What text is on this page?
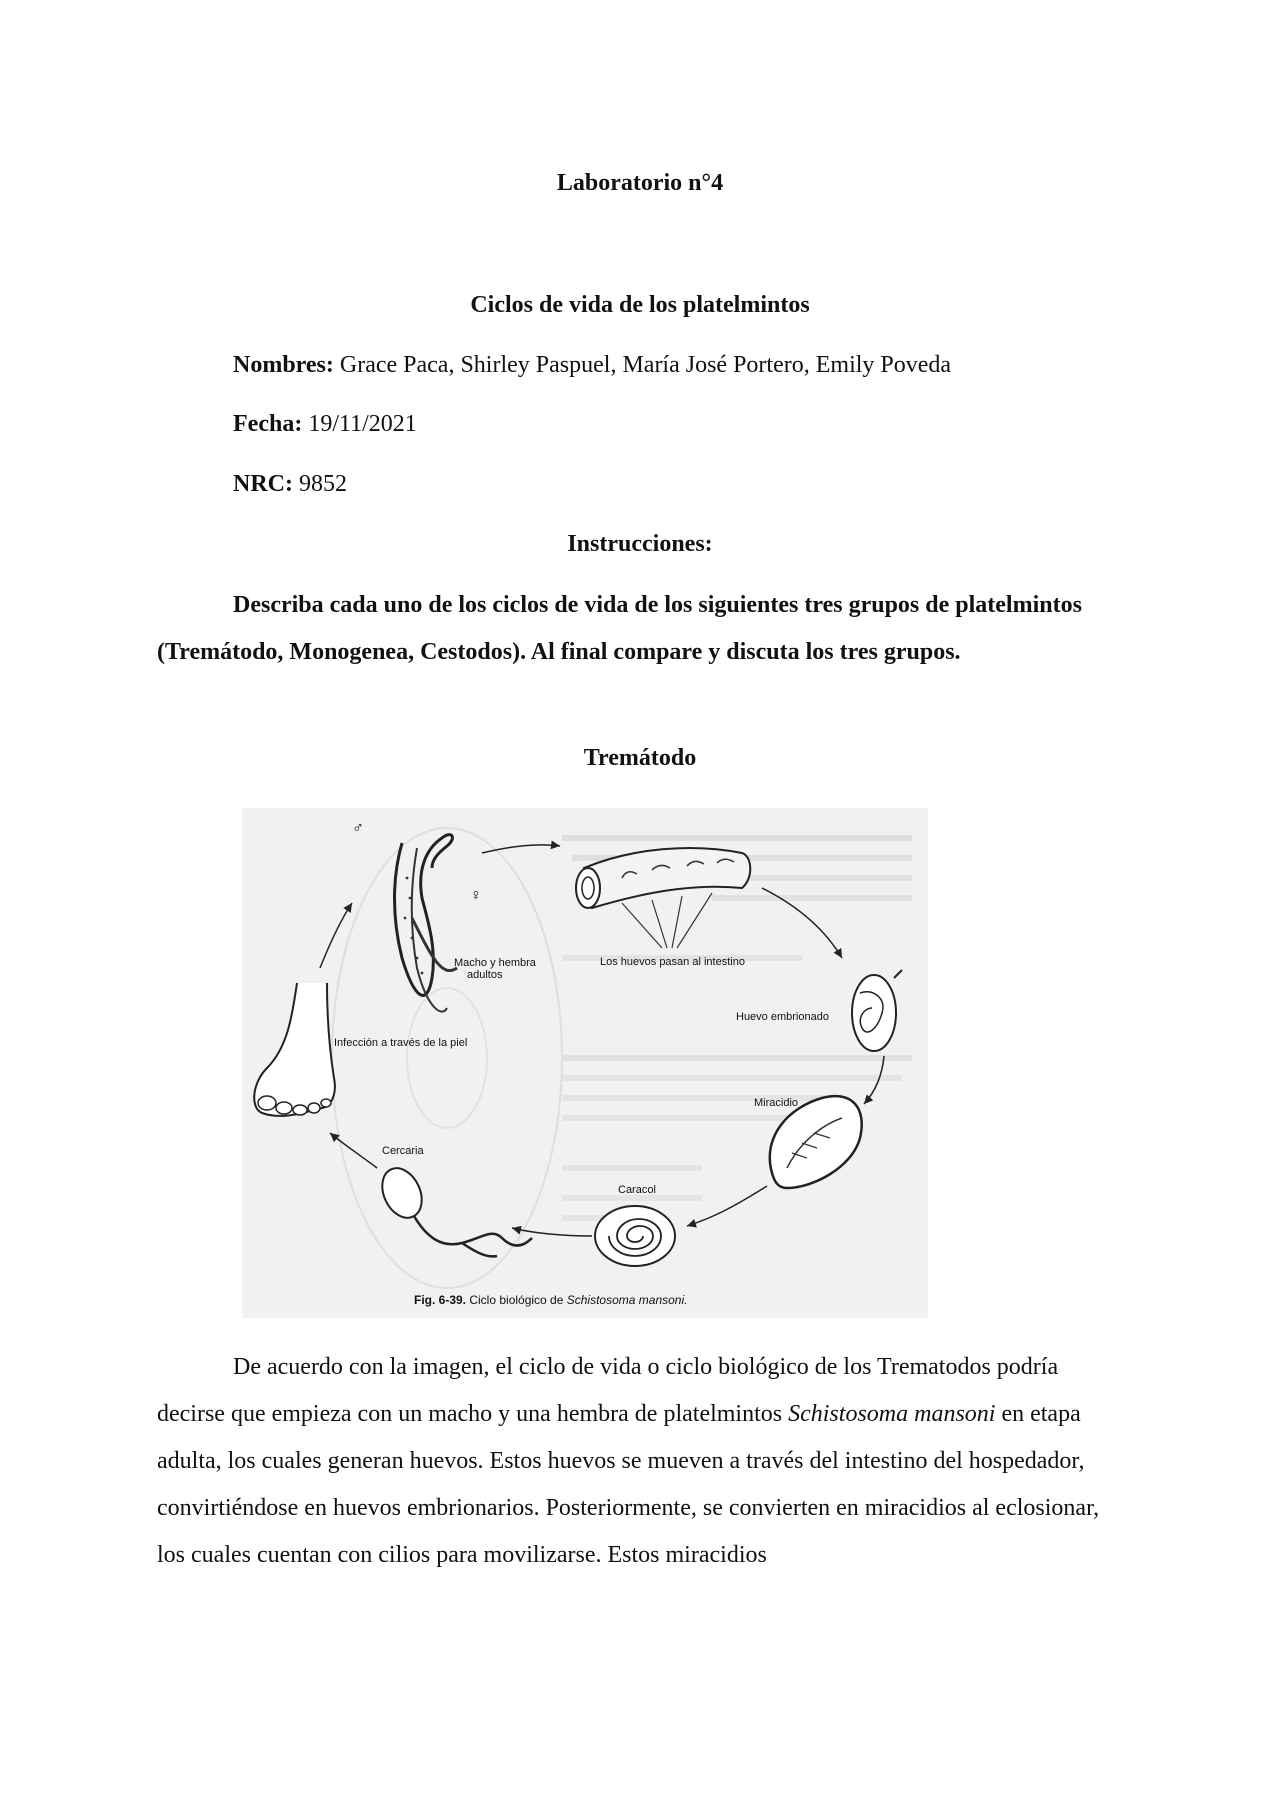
Laboratorio n°4
Ciclos de vida de los platelmintos
Nombres: Grace Paca, Shirley Paspuel, María José Portero, Emily Poveda
Fecha: 19/11/2021
NRC: 9852
Instrucciones:
Describa cada uno de los ciclos de vida de los siguientes tres grupos de platelmintos (Tremátodo, Monogenea, Cestodos). Al final compare y discuta los tres grupos.
Tremátodo
♂
♀
Macho y hembra
adultos
Los huevos pasan al intestino
Huevo embrionado
Miracidio
Caracol
Cercaria
Infección a través de la piel
Fig. 6-39. Ciclo biológico de Schistosoma mansoni.
De acuerdo con la imagen, el ciclo de vida o ciclo biológico de los Trematodos podría decirse que empieza con un macho y una hembra de platelmintos Schistosoma mansoni en etapa adulta, los cuales generan huevos. Estos huevos se mueven a través del intestino del hospedador, convirtiéndose en huevos embrionarios. Posteriormente, se convierten en miracidios al eclosionar, los cuales cuentan con cilios para movilizarse. Estos miracidios
